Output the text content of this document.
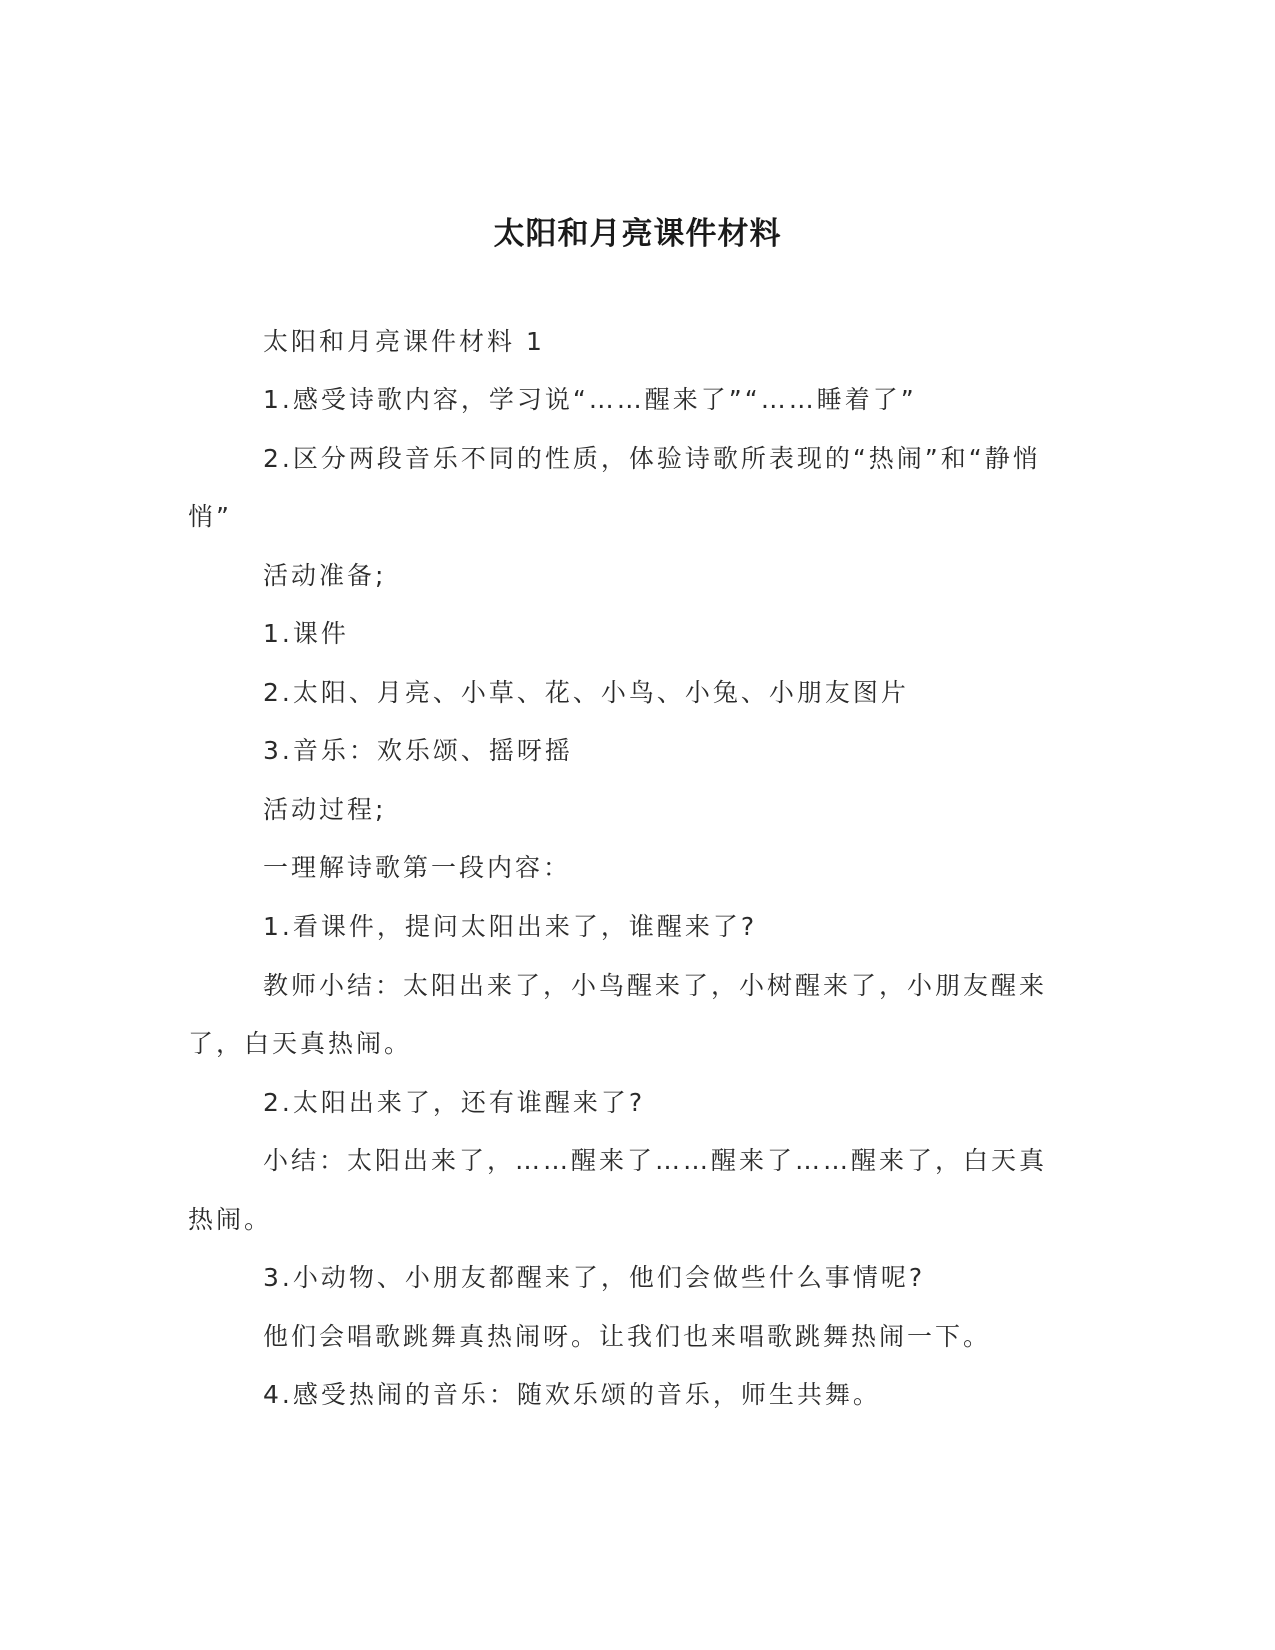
太阳和月亮课件材料
太阳和月亮课件材料 1
1.感受诗歌内容，学习说“……醒来了”“……睡着了”
2.区分两段音乐不同的性质，体验诗歌所表现的“热闹”和“静悄
悄”
活动准备;
1.课件
2.太阳、月亮、小草、花、小鸟、小兔、小朋友图片
3.音乐：欢乐颂、摇呀摇
活动过程;
一理解诗歌第一段内容：
1.看课件，提问太阳出来了，谁醒来了?
教师小结：太阳出来了，小鸟醒来了，小树醒来了，小朋友醒来
了，白天真热闹。
2.太阳出来了，还有谁醒来了?
小结：太阳出来了，……醒来了……醒来了……醒来了，白天真
热闹。
3.小动物、小朋友都醒来了，他们会做些什么事情呢?
他们会唱歌跳舞真热闹呀。让我们也来唱歌跳舞热闹一下。
4.感受热闹的音乐：随欢乐颂的音乐，师生共舞。
